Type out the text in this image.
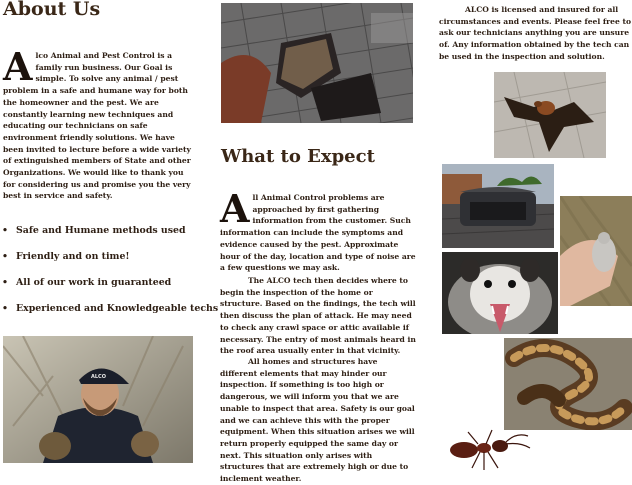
About Us
A lco Animal and Pest Control is a family run business. Our Goal is simple. To solve any animal / pest problem in a safe and humane way for both the homeowner and the pest. We are constantly learning new techniques and educating our technicians on safe environment friendly solutions. We have been invited to lecture before a wide variety of extinguished members of State and other Organizations. We would like to thank you for considering us and promise you the very best in service and safety.
• Safe and Humane methods used
• Friendly and on time!
• All of our work in guaranteed
• Experienced and Knowledgeable techs
ALCO
What to Expect
A ll Animal Control problems are approached by first gathering information from the customer. Such information can include the symptoms and evidence caused by the pest. Approximate hour of the day, location and type of noise are a few questions we may ask.

The ALCO tech then decides where to begin the inspection of the home or structure. Based on the findings, the tech will then discuss the plan of attack. He may need to check any crawl space or attic available if necessary. The entry of most animals heard in the roof area usually enter in that vicinity.

All homes and structures have different elements that may hinder our inspection. If something is too high or dangerous, we will inform you that we are unable to inspect that area. Safety is our goal and we can achieve this with the proper equipment. When this situation arises we will return properly equipped the same day or next. This situation only arises with structures that are extremely high or due to inclement weather.

ALCO is licensed and insured for all circumstances and events. Please feel free to ask our technicians anything you are unsure of. Any information obtained by the tech can be used in the inspection and solution.
